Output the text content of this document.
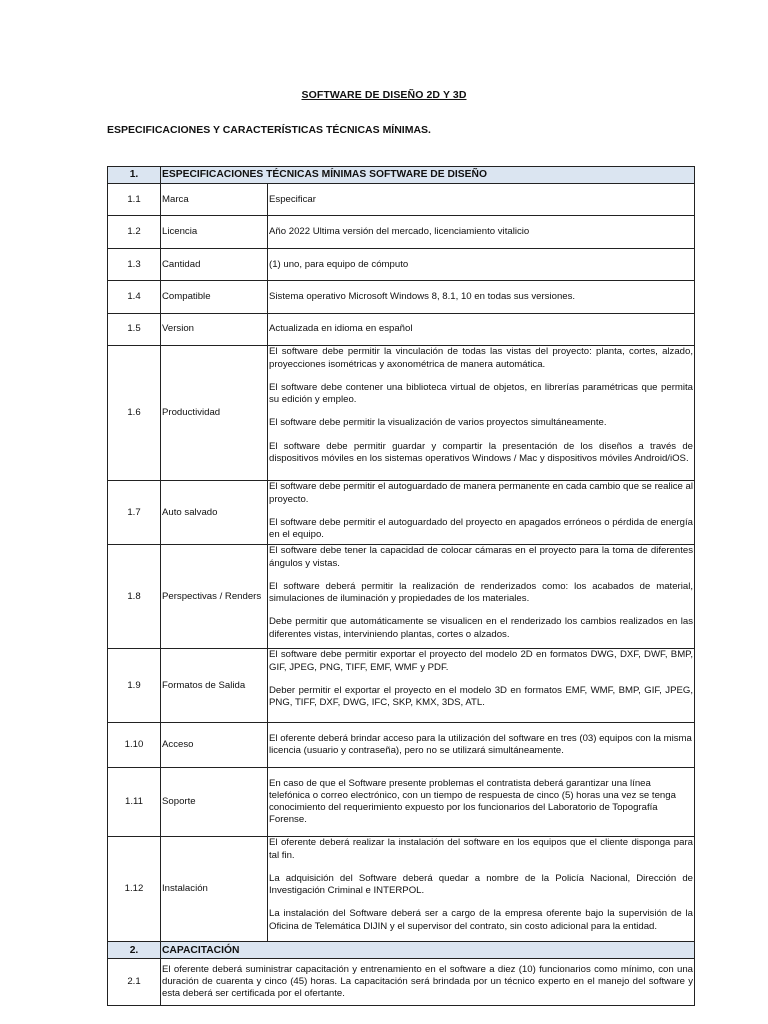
SOFTWARE DE DISEÑO 2D Y 3D
ESPECIFICACIONES Y CARACTERÍSTICAS TÉCNICAS MÍNIMAS.
1.	ESPECIFICACIONES TÉCNICAS MÍNIMAS SOFTWARE DE DISEÑO	
1.1	Marca	Especificar

1.2	Licencia	Año 2022 Ultima versión del mercado, licenciamiento vitalicio

1.3	Cantidad	(1) uno, para equipo de cómputo

1.4	Compatible	Sistema operativo Microsoft Windows 8, 8.1, 10 en todas sus versiones.

1.5	Version	Actualizada en idioma en español

1.6	Productividad	El software debe permitir la vinculación de todas las vistas del proyecto: planta, cortes, alzado, proyecciones isométricas y axonométrica de manera automática.

El software debe contener una biblioteca virtual de objetos, en librerías paramétricas que permita su edición y empleo.

El software debe permitir la visualización de varios proyectos simultáneamente.

El software debe permitir guardar y compartir la presentación de los diseños a través de dispositivos móviles en los sistemas operativos Windows / Mac y dispositivos móviles Android/iOS.

1.7	Auto salvado	El software debe permitir el autoguardado de manera permanente en cada cambio que se realice al proyecto.

El software debe permitir el autoguardado del proyecto en apagados erróneos o pérdida de energía en el equipo.

1.8	Perspectivas / Renders	El software debe tener la capacidad de colocar cámaras en el proyecto para la toma de diferentes ángulos y vistas.

El software deberá permitir la realización de renderizados como: los acabados de material, simulaciones de iluminación y propiedades de los materiales.

Debe permitir que automáticamente se visualicen en el renderizado los cambios realizados en las diferentes vistas, interviniendo plantas, cortes o alzados.

1.9	Formatos de Salida	El software debe permitir exportar el proyecto del modelo 2D en formatos DWG, DXF, DWF, BMP, GIF, JPEG, PNG, TIFF, EMF, WMF y PDF.

Deber permitir el exportar el proyecto en el modelo 3D en formatos EMF, WMF, BMP, GIF, JPEG, PNG, TIFF, DXF, DWG, IFC, SKP, KMX, 3DS, ATL.

1.10	Acceso	El oferente deberá brindar acceso para la utilización del software en tres (03) equipos con la misma licencia (usuario y contraseña), pero no se utilizará simultáneamente.

1.11	Soporte	En caso de que el Software presente problemas el contratista deberá garantizar una línea telefónica o correo electrónico, con un tiempo de respuesta de cinco (5) horas una vez se tenga conocimiento del requerimiento expuesto por los funcionarios del Laboratorio de Topografía Forense.

1.12	Instalación	El oferente deberá realizar la instalación del software en los equipos que el cliente disponga para tal fin.

La adquisición del Software deberá quedar a nombre de la Policía Nacional, Dirección de Investigación Criminal e INTERPOL.

La instalación del Software deberá ser a cargo de la empresa oferente bajo la supervisión de la Oficina de Telemática DIJIN y el supervisor del contrato, sin costo adicional para la entidad.

2.	CAPACITACIÓN	
2.1	El oferente deberá suministrar capacitación y entrenamiento en el software a diez (10) funcionarios como mínimo, con una duración de cuarenta y cinco (45) horas. La capacitación será brindada por un técnico experto en el manejo del software y esta deberá ser certificada por el ofertante.	
